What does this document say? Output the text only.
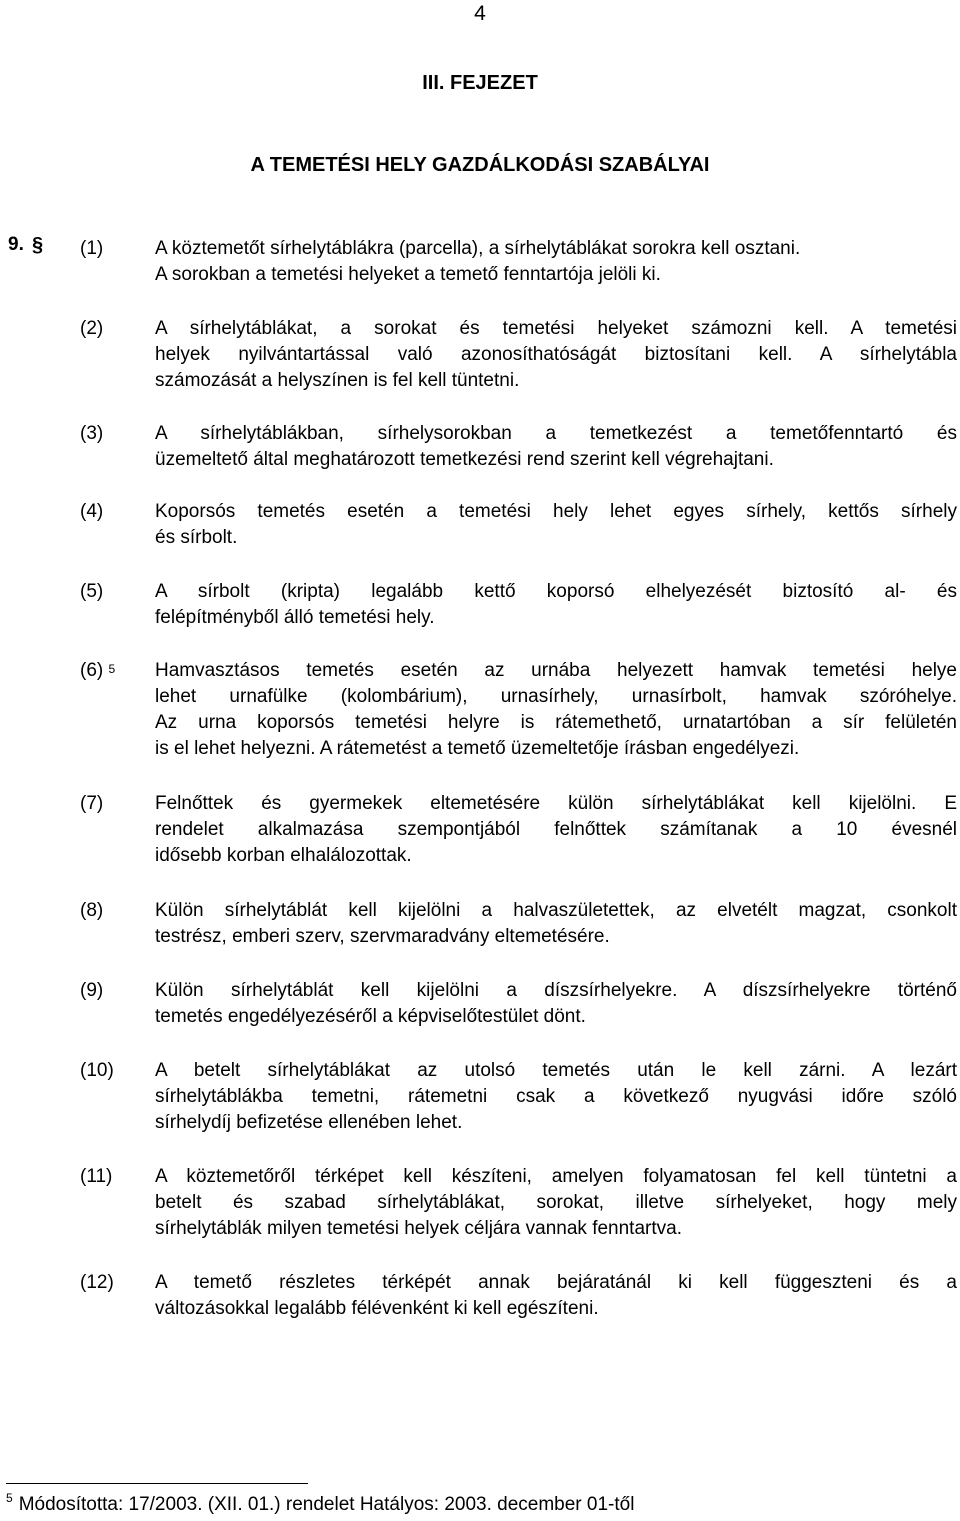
4
III. FEJEZET
A TEMETÉSI HELY GAZDÁLKODÁSI SZABÁLYAI
9. § (1)	A köztemetőt sírhelytáblákra (parcella), a sírhelytáblákat sorokra kell osztani.
A sorokban a temetési helyeket a temető fenntartója jelöli ki.
(2)	A sírhelytáblákat, a sorokat és temetési helyeket számozni kell. A temetési
helyek nyilvántartással való azonosíthatóságát biztosítani kell. A sírhelytábla
számozását a helyszínen is fel kell tüntetni.
(3)	A sírhelytáblákban, sírhelysorokban a temetkezést a temetőfenntartó és
üzemeltető által meghatározott temetkezési rend szerint kell végrehajtani.
(4)	Koporsós temetés esetén a temetési hely lehet egyes sírhely, kettős sírhely
és sírbolt.
(5)	A sírbolt (kripta) legalább kettő koporsó elhelyezését biztosító al- és
felépítményből álló temetési hely.
(6) $^5$ Hamvasztásos temetés esetén az urnába helyezett hamvak temetési helye
lehet urnafülke (kolombárium), urnasírhely, urnasírbolt, hamvak szóróhelye.
Az urna koporsós temetési helyre is rátemethető, urnatartóban a sír felületén
is el lehet helyezni. A rátemetést a temető üzemeltetője írásban engedélyezi.
(7)	Felnőttek és gyermekek eltemetésére külön sírhelytáblákat kell kijelölni. E
rendelet alkalmazása szempontjából felnőttek számítanak a 10 évesnél
idősebb korban elhalálozottak.
(8)	Külön sírhelytáblát kell kijelölni a halvaszületettek, az elvetélt magzat, csonkolt
testrész, emberi szerv, szervmaradvány eltemetésére.
(9)	Külön sírhelytáblát kell kijelölni a díszsírhelyekre. A díszsírhelyekre történő
temetés engedélyezéséről a képviselőtestület dönt.
(10) A betelt sírhelytáblákat az utolsó temetés után le kell zárni. A lezárt
sírhelytáblákba temetni, rátemetni csak a következő nyugvási időre szóló
sírhelydíj befizetése ellenében lehet.
(11) A köztemetőről térképet kell készíteni, amelyen folyamatosan fel kell tüntetni a
betelt és szabad sírhelytáblákat, sorokat, illetve sírhelyeket, hogy mely
sírhelytáblák milyen temetési helyek céljára vannak fenntartva.
(12) A temető részletes térképét annak bejáratánál ki kell függeszteni és a
változásokkal legalább félévenként ki kell egészíteni.
$^5$ Módosította: 17/2003. (XII. 01.) rendelet Hatályos: 2003. december 01-től
